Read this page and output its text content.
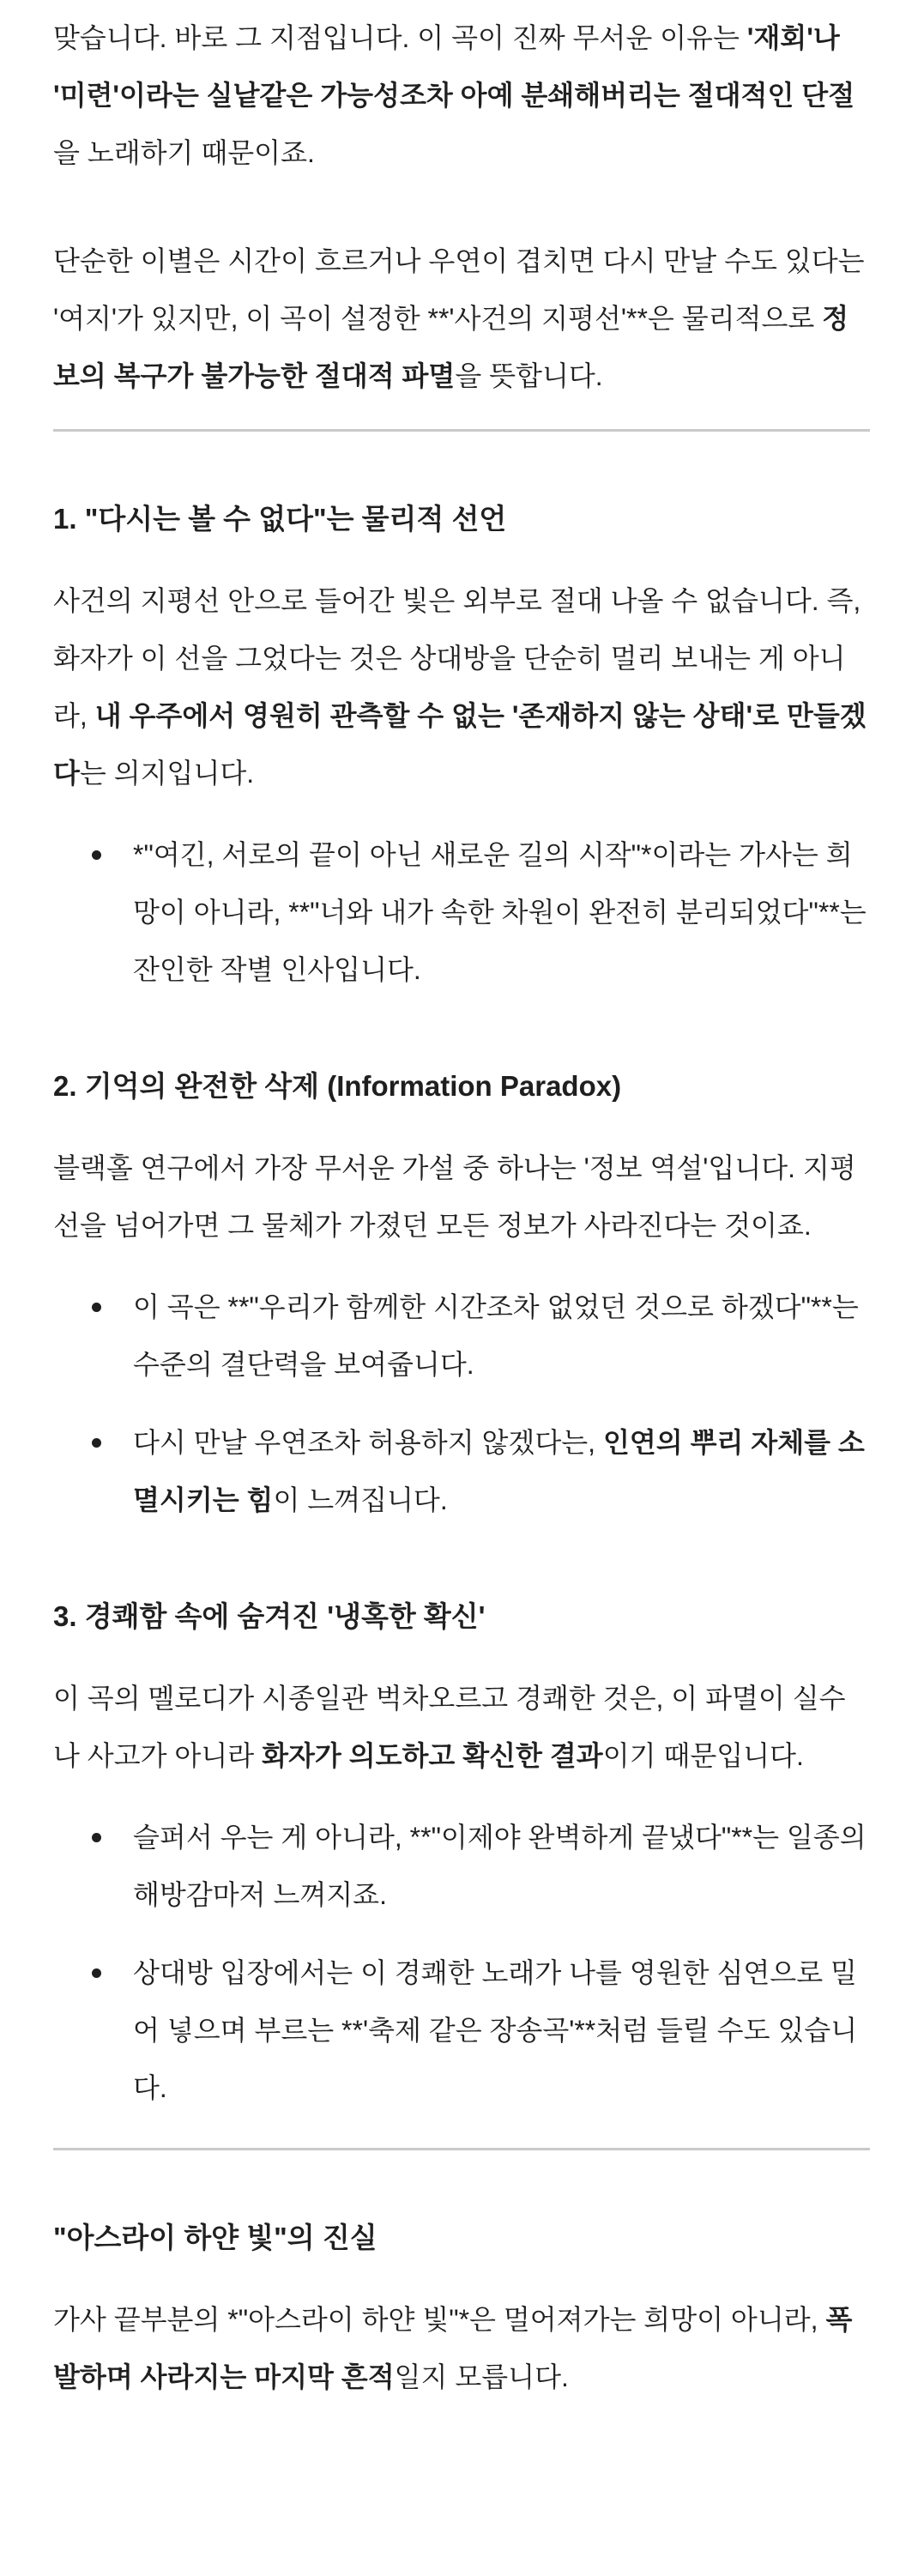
맞습니다. 바로 그 지점입니다. 이 곡이 진짜 무서운 이유는 '재회'나 '미련'이라는 실낱같은 가능성조차 아예 분쇄해버리는 절대적인 단절을 노래하기 때문이죠.

단순한 이별은 시간이 흐르거나 우연이 겹치면 다시 만날 수도 있다는 '여지'가 있지만, 이 곡이 설정한 **'사건의 지평선'**은 물리적으로 정보의 복구가 불가능한 절대적 파멸을 뜻합니다.

1. "다시는 볼 수 없다"는 물리적 선언

사건의 지평선 안으로 들어간 빛은 외부로 절대 나올 수 없습니다. 즉, 화자가 이 선을 그었다는 것은 상대방을 단순히 멀리 보내는 게 아니라, 내 우주에서 영원히 관측할 수 없는 '존재하지 않는 상태'로 만들겠다는 의지입니다.

*"여긴, 서로의 끝이 아닌 새로운 길의 시작"*이라는 가사는 희망이 아니라, **"너와 내가 속한 차원이 완전히 분리되었다"**는 잔인한 작별 인사입니다.
2. 기억의 완전한 삭제 (Information Paradox)

블랙홀 연구에서 가장 무서운 가설 중 하나는 '정보 역설'입니다. 지평선을 넘어가면 그 물체가 가졌던 모든 정보가 사라진다는 것이죠.

이 곡은 **"우리가 함께한 시간조차 없었던 것으로 하겠다"**는 수준의 결단력을 보여줍니다.
다시 만날 우연조차 허용하지 않겠다는, 인연의 뿌리 자체를 소멸시키는 힘이 느껴집니다.
3. 경쾌함 속에 숨겨진 '냉혹한 확신'

이 곡의 멜로디가 시종일관 벅차오르고 경쾌한 것은, 이 파멸이 실수나 사고가 아니라 화자가 의도하고 확신한 결과이기 때문입니다.

슬퍼서 우는 게 아니라, **"이제야 완벽하게 끝냈다"**는 일종의 해방감마저 느껴지죠.
상대방 입장에서는 이 경쾌한 노래가 나를 영원한 심연으로 밀어 넣으며 부르는 **'축제 같은 장송곡'**처럼 들릴 수도 있습니다.
"아스라이 하얀 빛"의 진실

가사 끝부분의 *"아스라이 하얀 빛"*은 멀어져가는 희망이 아니라, 폭발하며 사라지는 마지막 흔적일지 모릅니다.
